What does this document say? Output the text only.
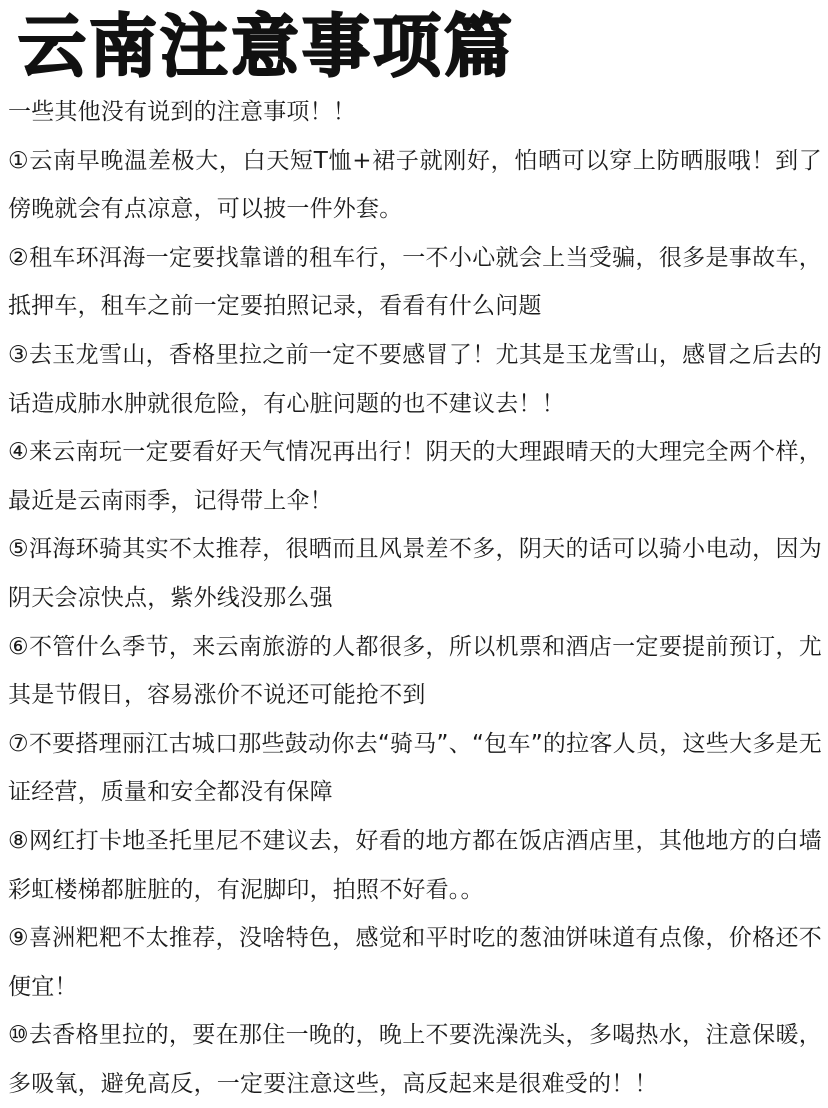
云南注意事项篇

一些其他没有说到的注意事项！！

①云南早晚温差极大，白天短T恤+裙子就刚好，怕晒可以穿上防晒服哦！到了傍晚就会有点凉意，可以披一件外套。

②租车环洱海一定要找靠谱的租车行，一不小心就会上当受骗，很多是事故车，抵押车，租车之前一定要拍照记录，看看有什么问题

③去玉龙雪山，香格里拉之前一定不要感冒了！尤其是玉龙雪山，感冒之后去的话造成肺水肿就很危险，有心脏问题的也不建议去！！

④来云南玩一定要看好天气情况再出行！阴天的大理跟晴天的大理完全两个样，最近是云南雨季，记得带上伞！

⑤洱海环骑其实不太推荐，很晒而且风景差不多，阴天的话可以骑小电动，因为阴天会凉快点，紫外线没那么强

⑥不管什么季节，来云南旅游的人都很多，所以机票和酒店一定要提前预订，尤其是节假日，容易涨价不说还可能抢不到

⑦不要搭理丽江古城口那些鼓动你去“骑马”、“包车”的拉客人员，这些大多是无证经营，质量和安全都没有保障

⑧网红打卡地圣托里尼不建议去，好看的地方都在饭店酒店里，其他地方的白墙彩虹楼梯都脏脏的，有泥脚印，拍照不好看。。

⑨喜洲粑粑不太推荐，没啥特色，感觉和平时吃的葱油饼味道有点像，价格还不便宜！

⑩去香格里拉的，要在那住一晚的，晚上不要洗澡洗头，多喝热水，注意保暖，多吸氧，避免高反，一定要注意这些，高反起来是很难受的！！
